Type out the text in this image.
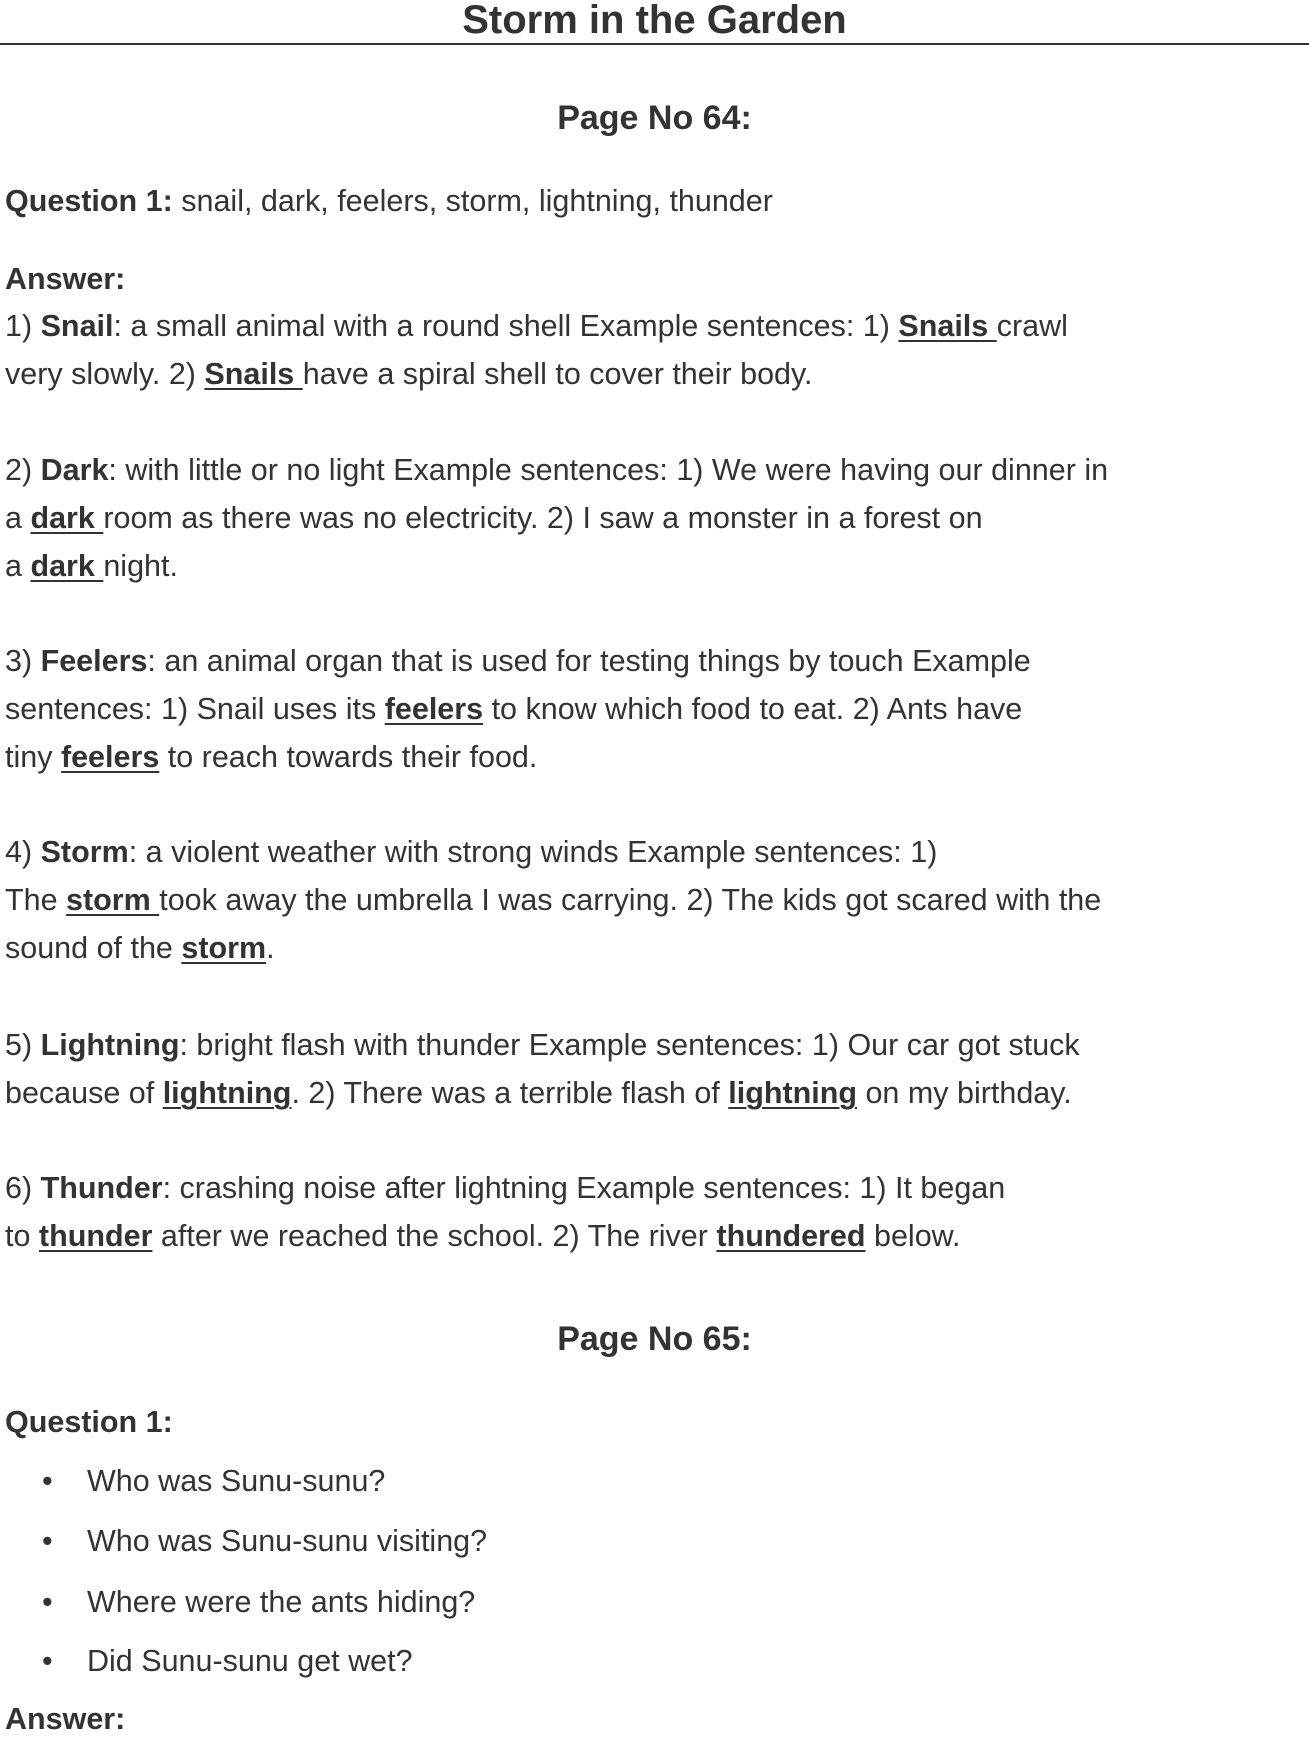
Storm in the Garden
Page No 64:
Question 1: snail, dark, feelers, storm, lightning, thunder
Answer:
1) Snail: a small animal with a round shell Example sentences: 1) Snails crawl
very slowly. 2) Snails have a spiral shell to cover their body.
2) Dark: with little or no light Example sentences: 1) We were having our dinner in
a dark room as there was no electricity. 2) I saw a monster in a forest on
a dark night.
3) Feelers: an animal organ that is used for testing things by touch Example
sentences: 1) Snail uses its feelers to know which food to eat. 2) Ants have
tiny feelers to reach towards their food.
4) Storm: a violent weather with strong winds Example sentences: 1)
The storm took away the umbrella I was carrying. 2) The kids got scared with the
sound of the storm.
5) Lightning: bright flash with thunder Example sentences: 1) Our car got stuck
because of lightning. 2) There was a terrible flash of lightning on my birthday.
6) Thunder: crashing noise after lightning Example sentences: 1) It began
to thunder after we reached the school. 2) The river thundered below.
Page No 65:
Question 1:
• Who was Sunu-sunu?
• Who was Sunu-sunu visiting?
• Where were the ants hiding?
• Did Sunu-sunu get wet?
Answer:
